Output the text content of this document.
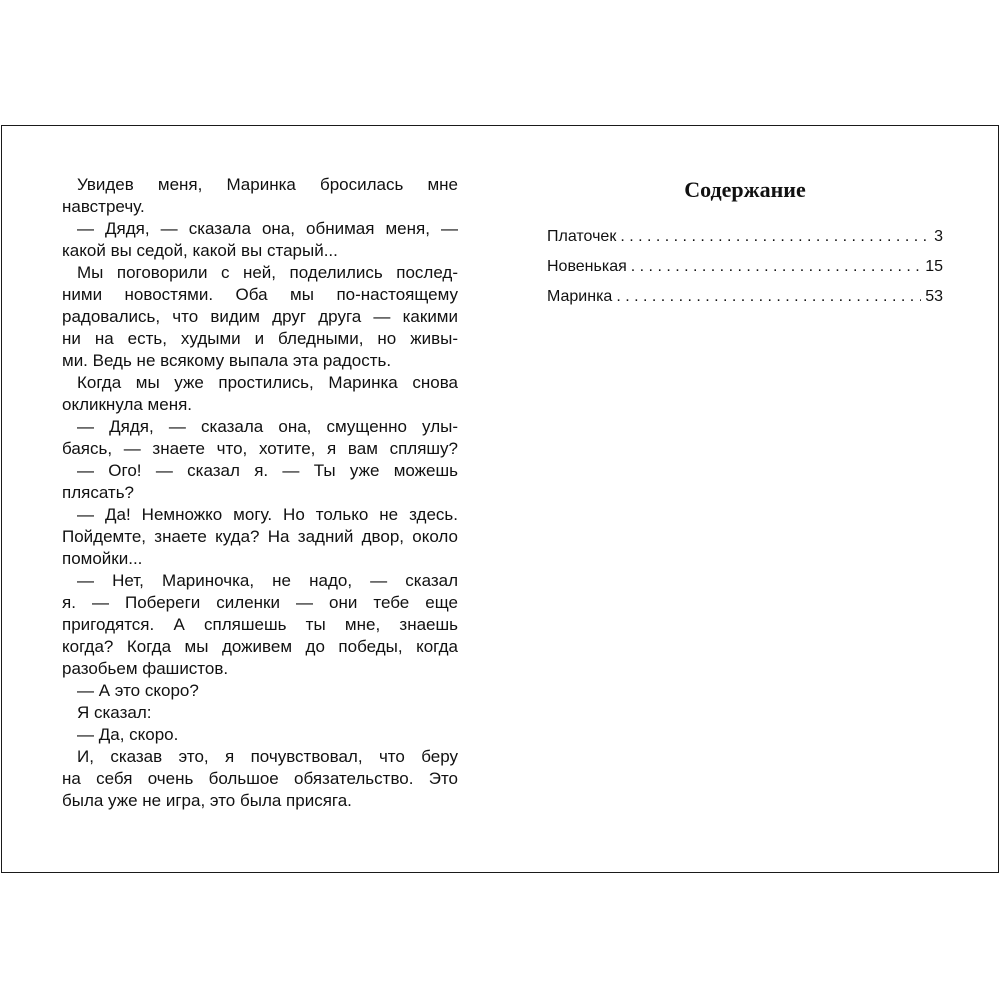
Увидев меня, Маринка бросилась мне
навстречу.
— Дядя, — сказала она, обнимая меня, —
какой вы седой, какой вы старый...
Мы поговорили с ней, поделились послед-
ними новостями. Оба мы по-настоящему
радовались, что видим друг друга — какими
ни на есть, худыми и бледными, но живы-
ми. Ведь не всякому выпала эта радость.
Когда мы уже простились, Маринка снова
окликнула меня.
— Дядя, — сказала она, смущенно улы-
баясь, — знаете что, хотите, я вам спляшу?
— Ого! — сказал я. — Ты уже можешь
плясать?
— Да! Немножко могу. Но только не здесь.
Пойдемте, знаете куда? На задний двор, около
помойки...
— Нет, Мариночка, не надо, — сказал
я. — Побереги силенки — они тебе еще
пригодятся. А спляшешь ты мне, знаешь
когда? Когда мы доживем до победы, когда
разобьем фашистов.
— А это скоро?
Я сказал:
— Да, скоро.
И, сказав это, я почувствовал, что беру
на себя очень большое обязательство. Это
была уже не игра, это была присяга.
Содержание
Платочек . . .	3
Новенькая . . .	15
Маринка . . .	53
